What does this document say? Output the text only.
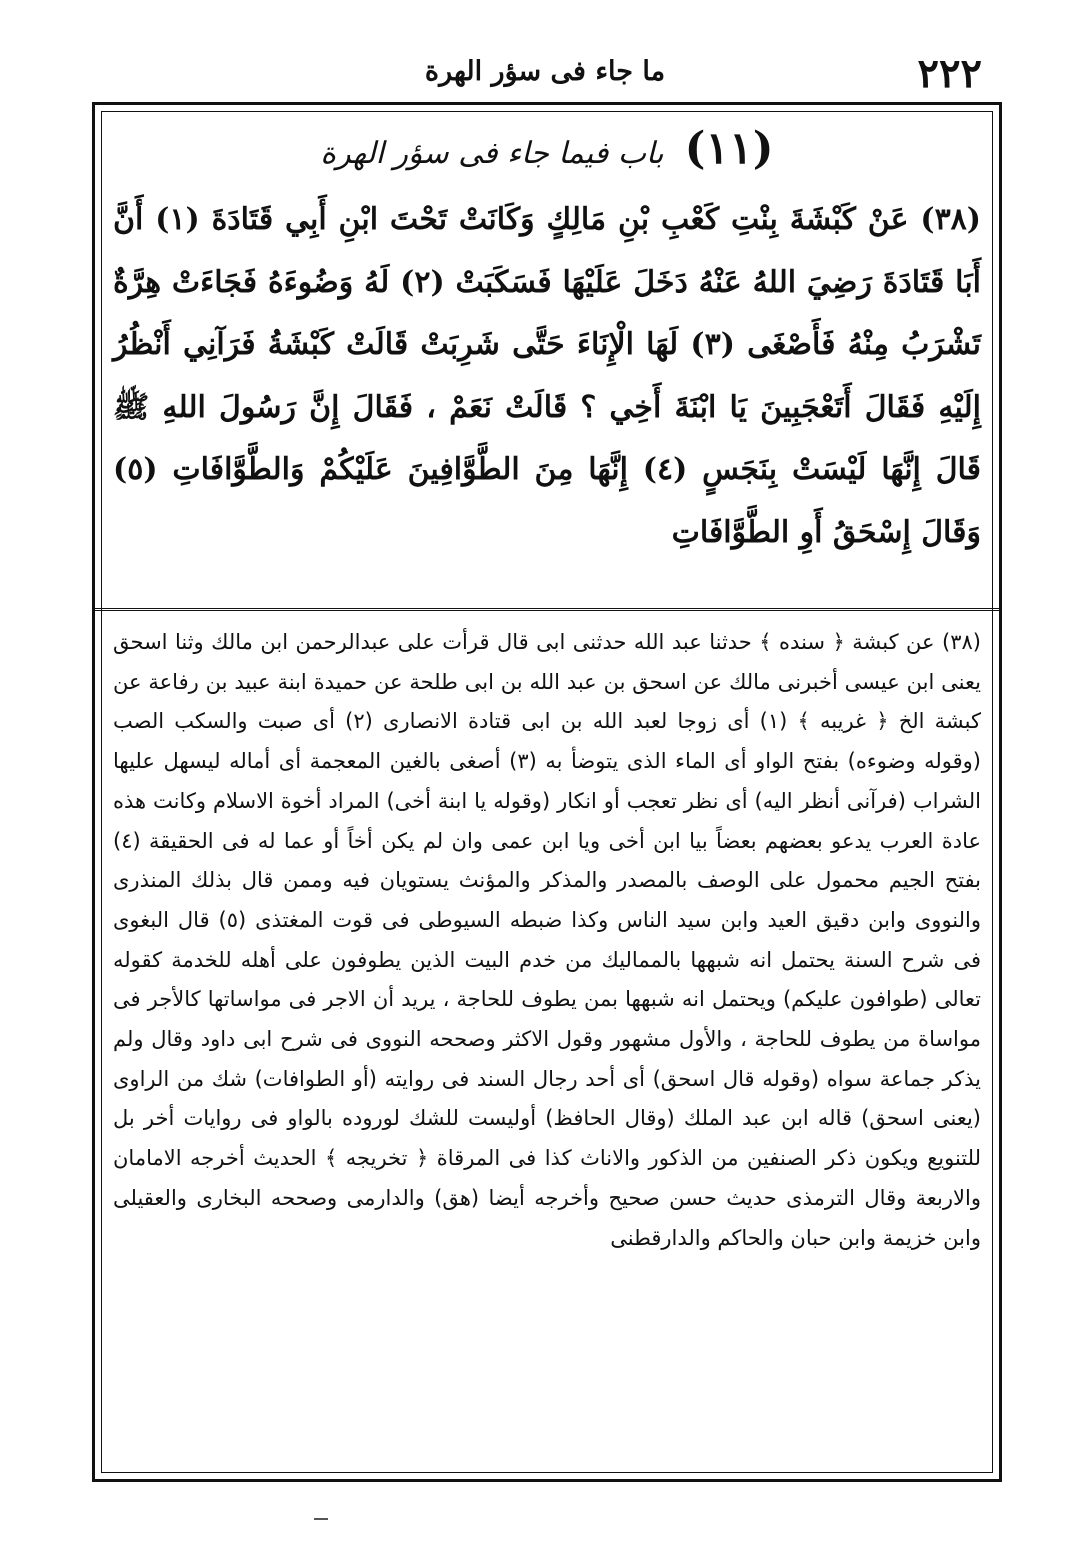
٢٢٢
ما جاء فى سؤر الهرة
(١١) باب فيما جاء فى سؤر الهرة
(٣٨) عَنْ كَبْشَةَ بِنْتِ كَعْبِ بْنِ مَالِكٍ وَكَانَتْ تَحْتَ ابْنِ أَبِي قَتَادَةَ (١) أَنَّ أَبَا قَتَادَةَ رَضِيَ اللهُ عَنْهُ دَخَلَ عَلَيْهَا فَسَكَبَتْ (٢) لَهُ وَضُوءَهُ فَجَاءَتْ هِرَّةٌ تَشْرَبُ مِنْهُ فَأَصْغَى (٣) لَهَا الْإِنَاءَ حَتَّى شَرِبَتْ قَالَتْ كَبْشَةُ فَرَآنِي أَنْظُرُ إِلَيْهِ فَقَالَ أَتَعْجَبِينَ يَا ابْنَةَ أَخِي ؟ قَالَتْ نَعَمْ ، فَقَالَ إِنَّ رَسُولَ اللهِ ﷺ قَالَ إِنَّهَا لَيْسَتْ بِنَجَسٍ (٤) إِنَّهَا مِنَ الطَّوَّافِينَ عَلَيْكُمْ وَالطَّوَّافَاتِ (٥) وَقَالَ إِسْحَقُ أَوِ الطَّوَّافَاتِ
(٣٨) عن كبشة ﴿ سنده ﴾ حدثنا عبد الله حدثنى ابى قال قرأت على عبدالرحمن ابن مالك وثنا اسحق يعنى ابن عيسى أخبرنى مالك عن اسحق بن عبد الله بن ابى طلحة عن حميدة ابنة عبيد بن رفاعة عن كبشة الخ ﴿ غريبه ﴾ (١) أى زوجا لعبد الله بن ابى قتادة الانصارى (٢) أى صبت والسكب الصب (وقوله وضوءه) بفتح الواو أى الماء الذى يتوضأ به (٣) أصغى بالغين المعجمة أى أماله ليسهل عليها الشراب (فرآنى أنظر اليه) أى نظر تعجب أو انكار (وقوله يا ابنة أخى) المراد أخوة الاسلام وكانت هذه عادة العرب يدعو بعضهم بعضاً بيا ابن أخى ويا ابن عمى وان لم يكن أخاً أو عما له فى الحقيقة (٤) بفتح الجيم محمول على الوصف بالمصدر والمذكر والمؤنث يستويان فيه وممن قال بذلك المنذرى والنووى وابن دقيق العيد وابن سيد الناس وكذا ضبطه السيوطى فى قوت المغتذى (٥) قال البغوى فى شرح السنة يحتمل انه شبهها بالمماليك من خدم البيت الذين يطوفون على أهله للخدمة كقوله تعالى (طوافون عليكم) ويحتمل انه شبهها بمن يطوف للحاجة ، يريد أن الاجر فى مواساتها كالأجر فى مواساة من يطوف للحاجة ، والأول مشهور وقول الاكثر وصححه النووى فى شرح ابى داود وقال ولم يذكر جماعة سواه (وقوله قال اسحق) أى أحد رجال السند فى روايته (أو الطوافات) شك من الراوى (يعنى اسحق) قاله ابن عبد الملك (وقال الحافظ) أوليست للشك لوروده بالواو فى روايات أخر بل للتنويع ويكون ذكر الصنفين من الذكور والاناث كذا فى المرقاة ﴿ تخريجه ﴾ الحديث أخرجه الامامان والاربعة وقال الترمذى حديث حسن صحيح وأخرجه أيضا (هق) والدارمى وصححه البخارى والعقيلى وابن خزيمة وابن حبان والحاكم والدارقطنى
